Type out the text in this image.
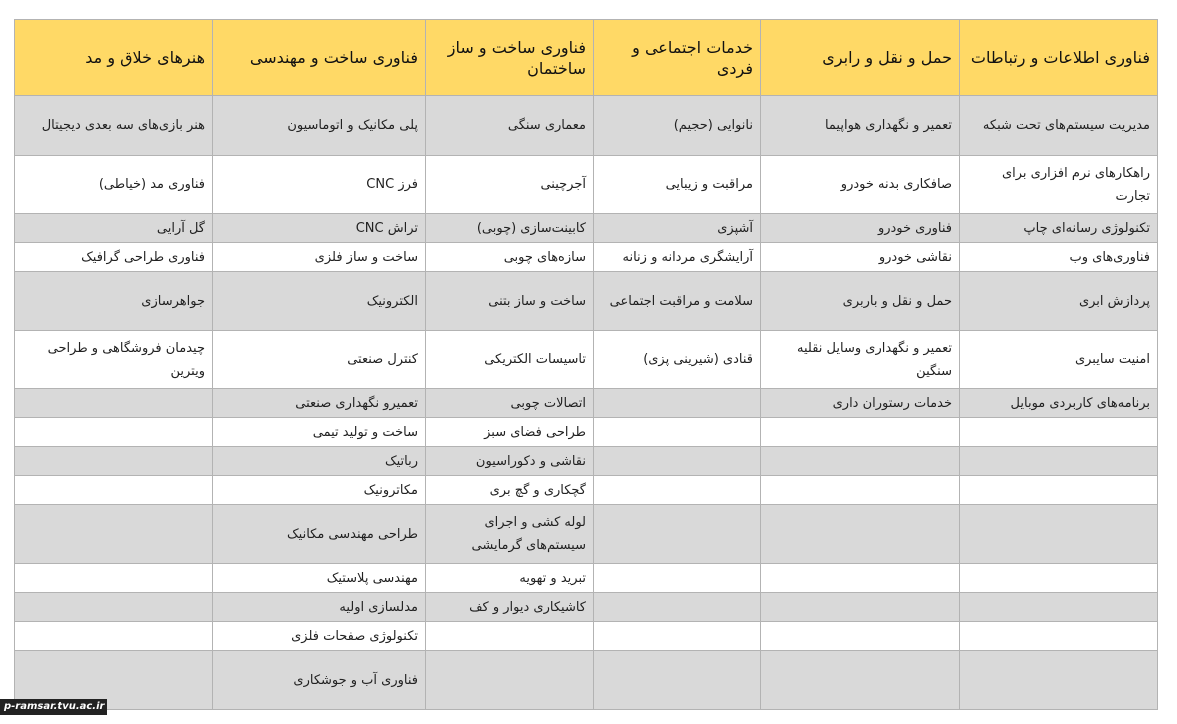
فناوری اطلاعات و رتباطات	حمل و نقل و رابری	خدمات اجتماعی و فردی	فناوری ساخت و ساز ساختمان	فناوری ساخت و مهندسی	هنرهای خلاق و مد
مدیریت سیستم‌های تحت شبکه	تعمیر و نگهداری هواپیما	نانوایی (حجیم)	معماری سنگی	پلی مکانیک و اتوماسیون	هنر بازی‌های سه بعدی دیجیتال
راهکارهای نرم افزاری برای تجارت	صافکاری بدنه خودرو	مراقبت و زیبایی	آجرچینی	فرز CNC	فناوری مد (خیاطی)
تکنولوژی رسانه‌ای چاپ	فناوری خودرو	آشپزی	کابینت‌سازی (چوبی)	تراش CNC	گل آرایی
فناوری‌های وب	نقاشی خودرو	آرایشگری مردانه و زنانه	سازه‌های چوبی	ساخت و ساز فلزی	فناوری طراحی گرافیک
پردازش ابری	حمل و نقل و باربری	سلامت و مراقبت اجتماعی	ساخت و ساز بتنی	الکترونیک	جواهرسازی
امنیت سایبری	تعمیر و نگهداری وسایل نقلیه سنگین	قنادی (شیرینی پزی)	تاسیسات الکتریکی	کنترل صنعتی	چیدمان فروشگاهی و طراحی ویترین
برنامه‌های کاربردی موبایل	خدمات رستوران داری		اتصالات چوبی	تعمیرو نگهداری صنعتی	
			طراحی فضای سبز	ساخت و تولید تیمی	
			نقاشی و دکوراسیون	رباتیک	
			گچکاری و گچ بری	مکاترونیک	
			لوله کشی و اجرای سیستم‌های گرمایشی	طراحی مهندسی مکانیک	
			تبرید و تهویه	مهندسی پلاستیک	
			کاشیکاری دیوار و کف	مدلسازی اولیه	
				تکنولوژی صفحات فلزی	
				فناوری آب و جوشکاری	
p-ramsar.tvu.ac.ir
